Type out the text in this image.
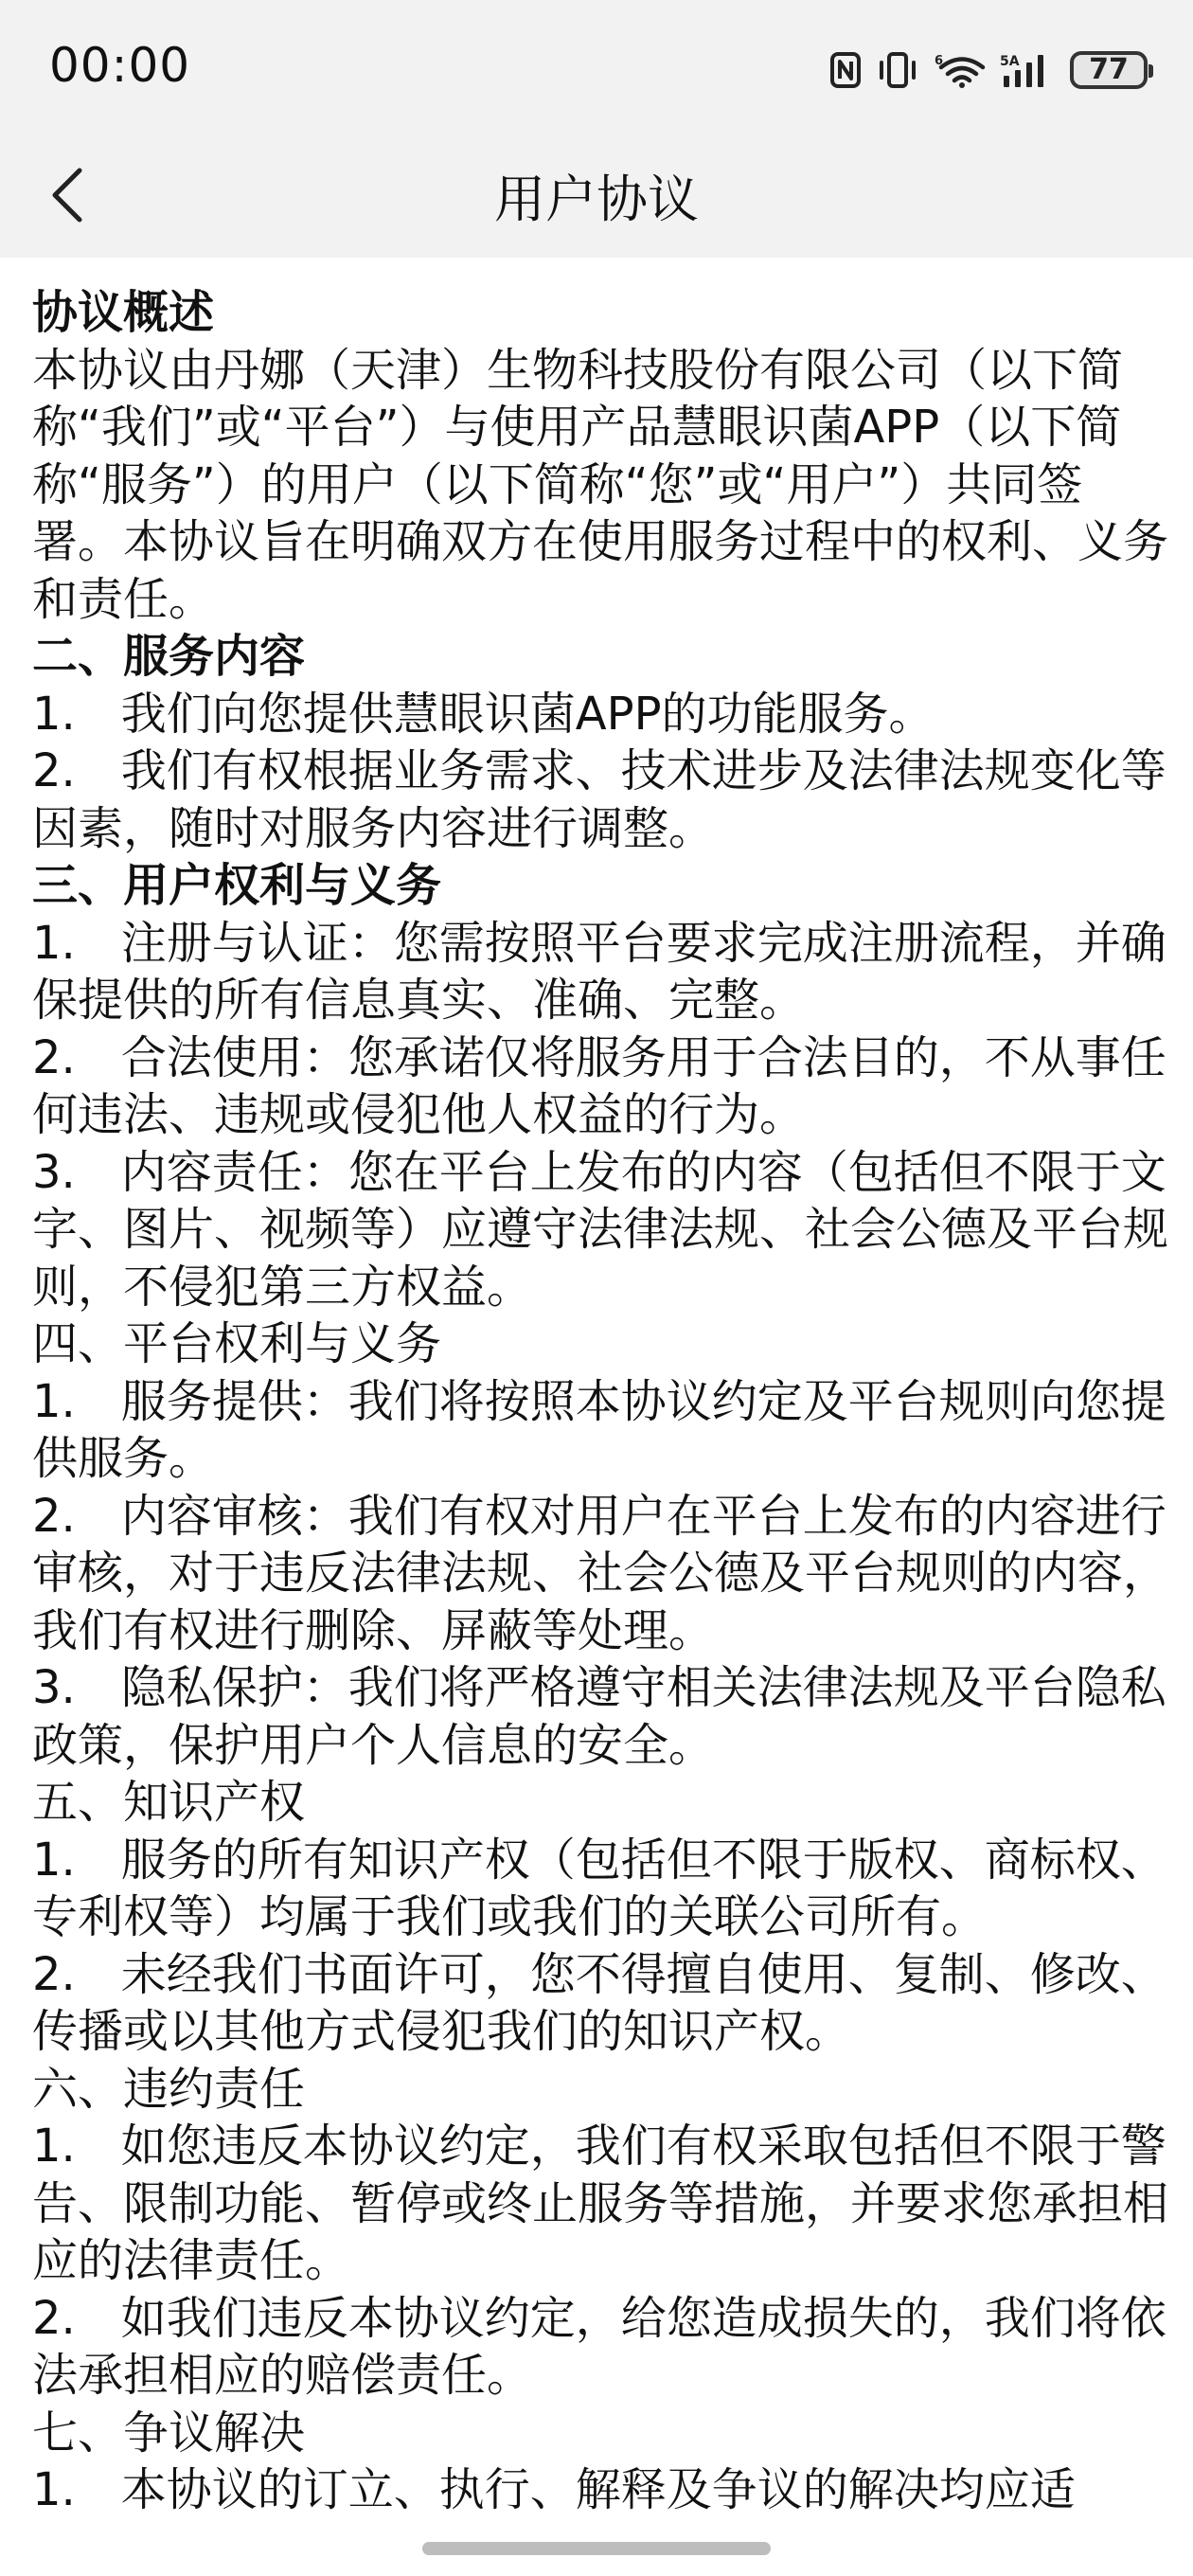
00:00	6	5A 77
用户协议

协议概述

本协议由丹娜（天津）生物科技股份有限公司（以下简称“我们”或“平台”）与使用产品慧眼识菌APP（以下简称“服务”）的用户（以下简称“您”或“用户”）共同签署。本协议旨在明确双方在使用服务过程中的权利、义务和责任。

二、服务内容

1.　我们向您提供慧眼识菌APP的功能服务。

2.　我们有权根据业务需求、技术进步及法律法规变化等因素，随时对服务内容进行调整。

三、用户权利与义务

1.　注册与认证：您需按照平台要求完成注册流程，并确保提供的所有信息真实、准确、完整。

2.　合法使用：您承诺仅将服务用于合法目的，不从事任何违法、违规或侵犯他人权益的行为。

3.　内容责任：您在平台上发布的内容（包括但不限于文字、图片、视频等）应遵守法律法规、社会公德及平台规则，不侵犯第三方权益。

四、平台权利与义务

1.　服务提供：我们将按照本协议约定及平台规则向您提供服务。

2.　内容审核：我们有权对用户在平台上发布的内容进行审核，对于违反法律法规、社会公德及平台规则的内容，我们有权进行删除、屏蔽等处理。

3.　隐私保护：我们将严格遵守相关法律法规及平台隐私政策，保护用户个人信息的安全。

五、知识产权

1.　服务的所有知识产权（包括但不限于版权、商标权、专利权等）均属于我们或我们的关联公司所有。

2.　未经我们书面许可，您不得擅自使用、复制、修改、传播或以其他方式侵犯我们的知识产权。

六、违约责任

1.　如您违反本协议约定，我们有权采取包括但不限于警告、限制功能、暂停或终止服务等措施，并要求您承担相应的法律责任。

2.　如我们违反本协议约定，给您造成损失的，我们将依法承担相应的赔偿责任。

七、争议解决

1.　本协议的订立、执行、解释及争议的解决均应适
